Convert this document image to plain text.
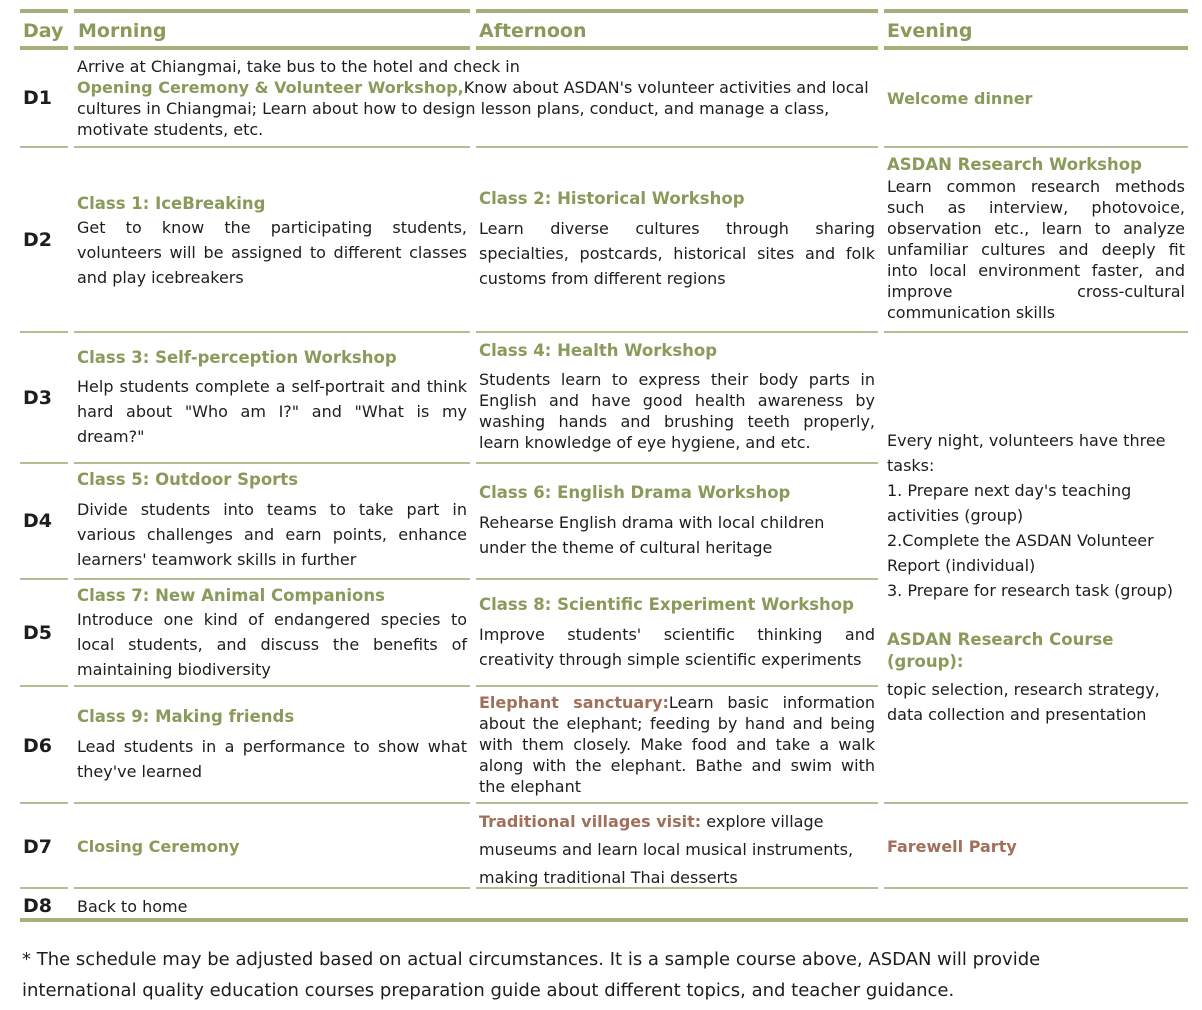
Day Morning	Afternoon	Evening
D1
Arrive at Chiangmai, take bus to the hotel and check in
Opening Ceremony & Volunteer Workshop,Know about ASDAN's volunteer activities and local
cultures in Chiangmai; Learn about how to design lesson plans, conduct, and manage a class,
motivate students, etc.
Welcome dinner
D2
Class 1: IceBreaking
Get to know the participating students, volunteers will be assigned to different classes and play icebreakers
Class 2: Historical Workshop
Learn diverse cultures through sharing specialties, postcards, historical sites and folk customs from different regions
ASDAN Research Workshop
Learn common research methods such as interview, photovoice, observation etc., learn to analyze unfamiliar cultures and deeply fit into local environment faster, and improve cross-cultural communication skills
D3
Class 3: Self-perception Workshop
Help students complete a self-portrait and think hard about "Who am I?" and "What is my dream?"
Class 4: Health Workshop
Students learn to express their body parts in English and have good health awareness by washing hands and brushing teeth properly, learn knowledge of eye hygiene, and etc.
D4
Class 5: Outdoor Sports
Divide students into teams to take part in various challenges and earn points, enhance learners' teamwork skills in further
Class 6: English Drama Workshop
Rehearse English drama with local children under the theme of cultural heritage
D5
Class 7: New Animal Companions
Introduce one kind of endangered species to local students, and discuss the benefits of maintaining biodiversity
Class 8: Scientific Experiment Workshop
Improve students' scientific thinking and creativity through simple scientific experiments
D6
Class 9: Making friends
Lead students in a performance to show what they've learned
Elephant sanctuary:Learn basic information about the elephant; feeding by hand and being with them closely. Make food and take a walk along with the elephant. Bathe and swim with the elephant
Every night, volunteers have three tasks:
1. Prepare next day's teaching activities (group)
2.Complete the ASDAN Volunteer Report (individual)
3. Prepare for research task (group)
ASDAN Research Course (group):
topic selection, research strategy, data collection and presentation
D7 Closing Ceremony
Traditional villages visit: explore village museums and learn local musical instruments, making traditional Thai desserts
Farewell Party
D8 Back to home
* The schedule may be adjusted based on actual circumstances. It is a sample course above, ASDAN will provide
international quality education courses preparation guide about different topics, and teacher guidance.
